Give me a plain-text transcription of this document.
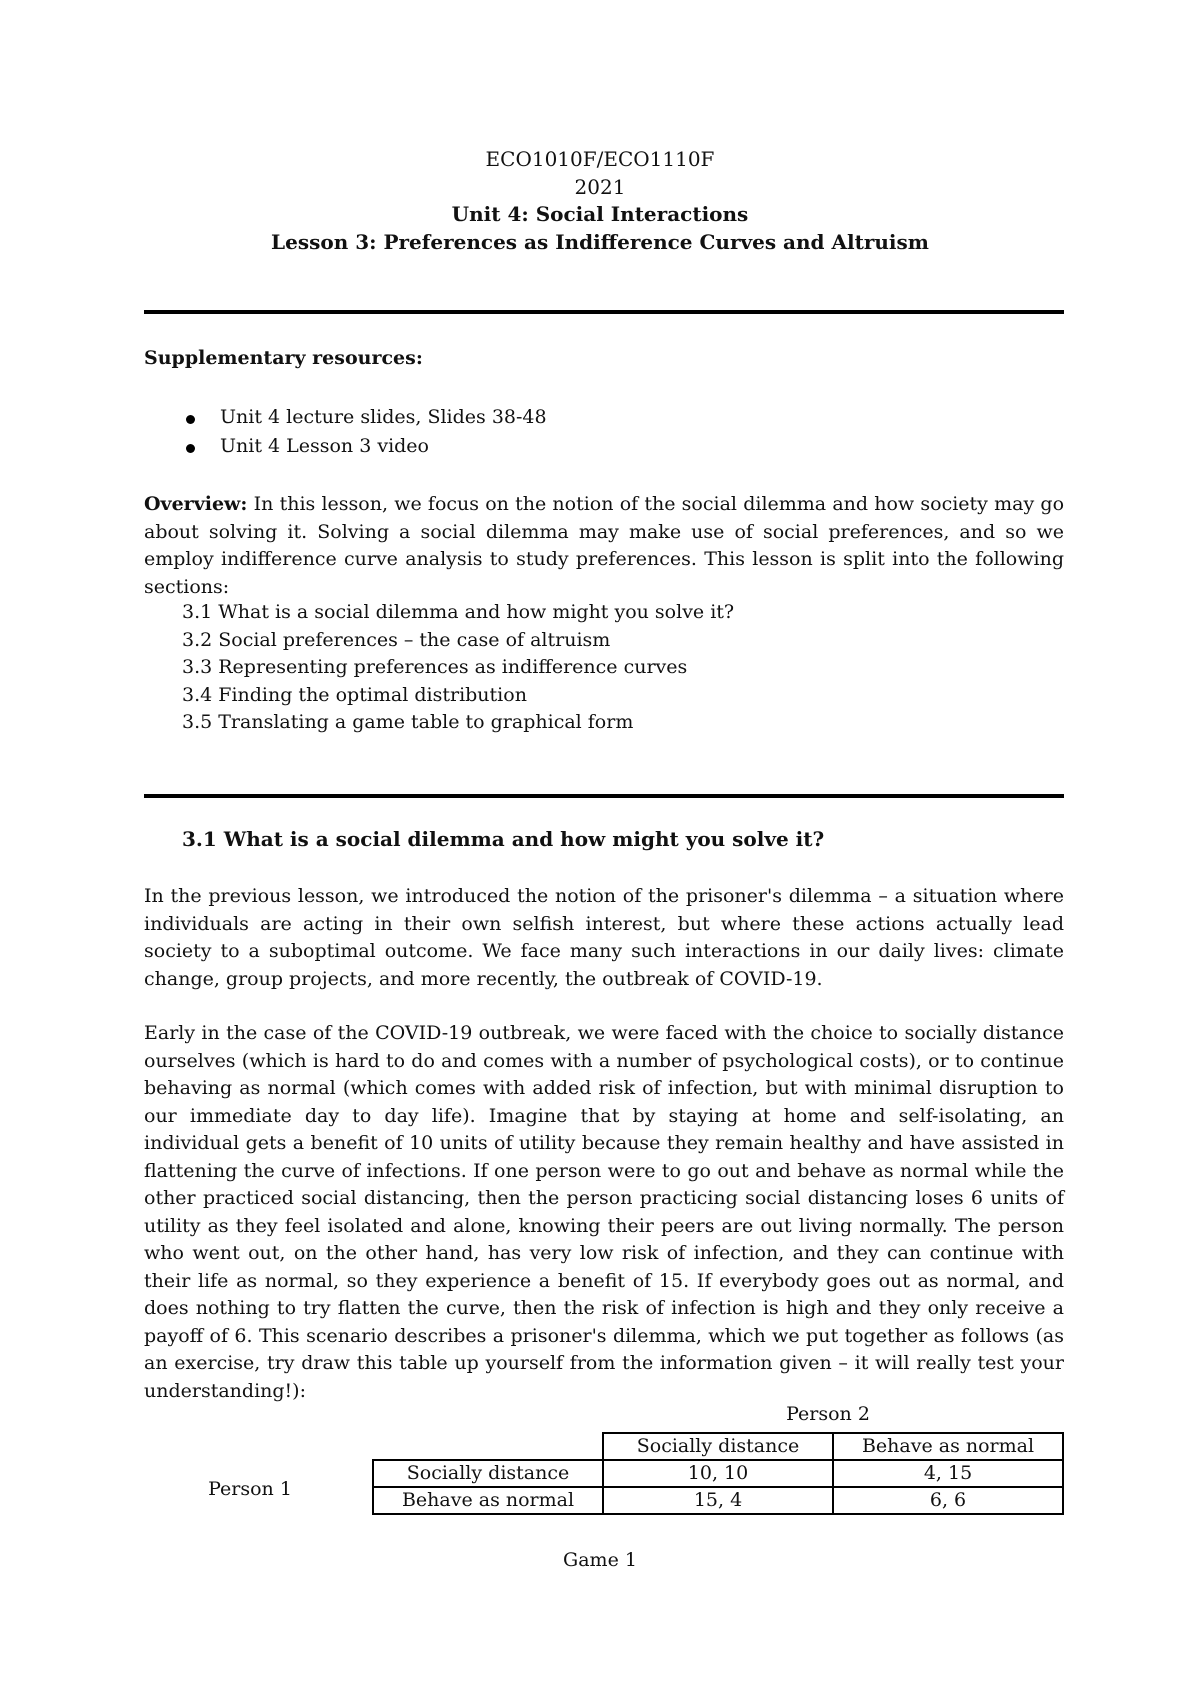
ECO1010F/ECO1110F
2021
Unit 4: Social Interactions
Lesson 3: Preferences as Indifference Curves and Altruism
Supplementary resources:
Unit 4 lecture slides, Slides 38-48
Unit 4 Lesson 3 video
Overview: In this lesson, we focus on the notion of the social dilemma and how society may go about solving it. Solving a social dilemma may make use of social preferences, and so we employ indifference curve analysis to study preferences. This lesson is split into the following sections:
3.1 What is a social dilemma and how might you solve it?
3.2 Social preferences – the case of altruism
3.3 Representing preferences as indifference curves
3.4 Finding the optimal distribution
3.5 Translating a game table to graphical form
3.1 What is a social dilemma and how might you solve it?
In the previous lesson, we introduced the notion of the prisoner's dilemma – a situation where individuals are acting in their own selfish interest, but where these actions actually lead society to a suboptimal outcome. We face many such interactions in our daily lives: climate change, group projects, and more recently, the outbreak of COVID-19.
Early in the case of the COVID-19 outbreak, we were faced with the choice to socially distance ourselves (which is hard to do and comes with a number of psychological costs), or to continue behaving as normal (which comes with added risk of infection, but with minimal disruption to our immediate day to day life). Imagine that by staying at home and self-isolating, an individual gets a benefit of 10 units of utility because they remain healthy and have assisted in flattening the curve of infections. If one person were to go out and behave as normal while the other practiced social distancing, then the person practicing social distancing loses 6 units of utility as they feel isolated and alone, knowing their peers are out living normally. The person who went out, on the other hand, has very low risk of infection, and they can continue with their life as normal, so they experience a benefit of 15. If everybody goes out as normal, and does nothing to try flatten the curve, then the risk of infection is high and they only receive a payoff of 6. This scenario describes a prisoner's dilemma, which we put together as follows (as an exercise, try draw this table up yourself from the information given – it will really test your understanding!):
Person 2
Person 1
	Socially distance	Behave as normal
Socially distance	10, 10	4, 15
Behave as normal	15, 4	6, 6
Game 1
